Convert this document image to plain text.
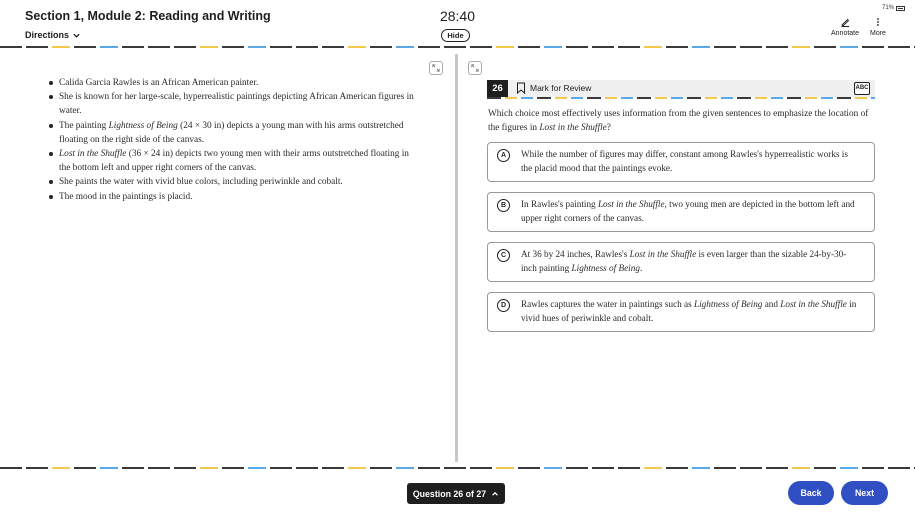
Section 1, Module 2: Reading and Writing
Directions
28:40
Hide
71%
Annotate More
Calida Garcia Rawles is an African American painter.
She is known for her large-scale, hyperrealistic paintings depicting African American figures in water.
The painting Lightness of Being (24 × 30 in) depicts a young man with his arms outstretched floating on the right side of the canvas.
Lost in the Shuffle (36 × 24 in) depicts two young men with their arms outstretched floating in the bottom left and upper right corners of the canvas.
She paints the water with vivid blue colors, including periwinkle and cobalt.
The mood in the paintings is placid.
26	Mark for Review	ABC
Which choice most effectively uses information from the given sentences to emphasize the location of the figures in Lost in the Shuffle?
A	While the number of figures may differ, constant among Rawles's hyperrealistic works is the placid mood that the paintings evoke.
B	In Rawles's painting Lost in the Shuffle, two young men are depicted in the bottom left and upper right corners of the canvas.
C	At 36 by 24 inches, Rawles's Lost in the Shuffle is even larger than the sizable 24-by-30-inch painting Lightness of Being.
D	Rawles captures the water in paintings such as Lightness of Being and Lost in the Shuffle in vivid hues of periwinkle and cobalt.
Question 26 of 27	Back	Next
